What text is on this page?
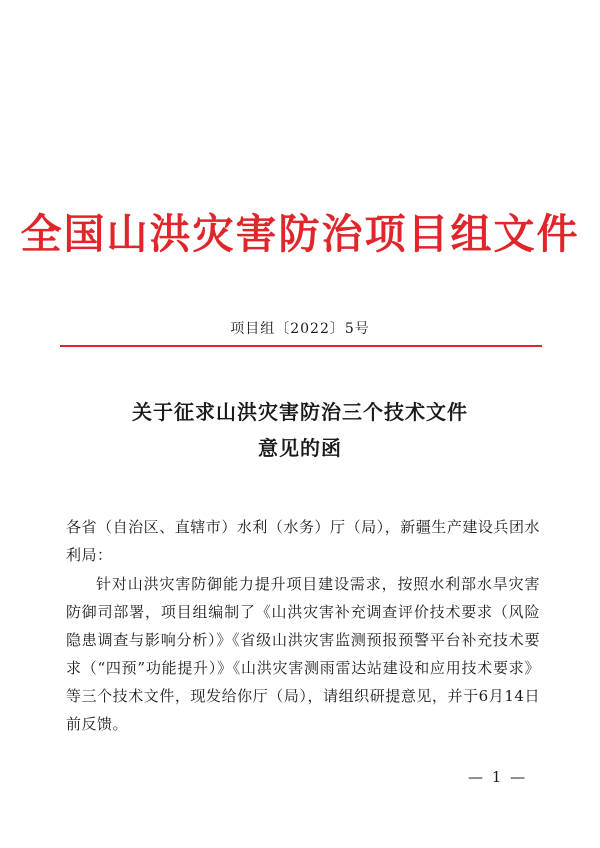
全国山洪灾害防治项目组文件
项目组〔2022〕5号
关于征求山洪灾害防治三个技术文件
意见的函
各省（自治区、直辖市）水利（水务）厅（局），新疆生产建设兵团水利局：
针对山洪灾害防御能力提升项目建设需求，按照水利部水旱灾害防御司部署，项目组编制了《山洪灾害补充调查评价技术要求（风险隐患调查与影响分析）》《省级山洪灾害监测预报预警平台补充技术要求（“四预”功能提升）》《山洪灾害测雨雷达站建设和应用技术要求》等三个技术文件，现发给你厅（局），请组织研提意见，并于6月14日前反馈。
— 1 —
